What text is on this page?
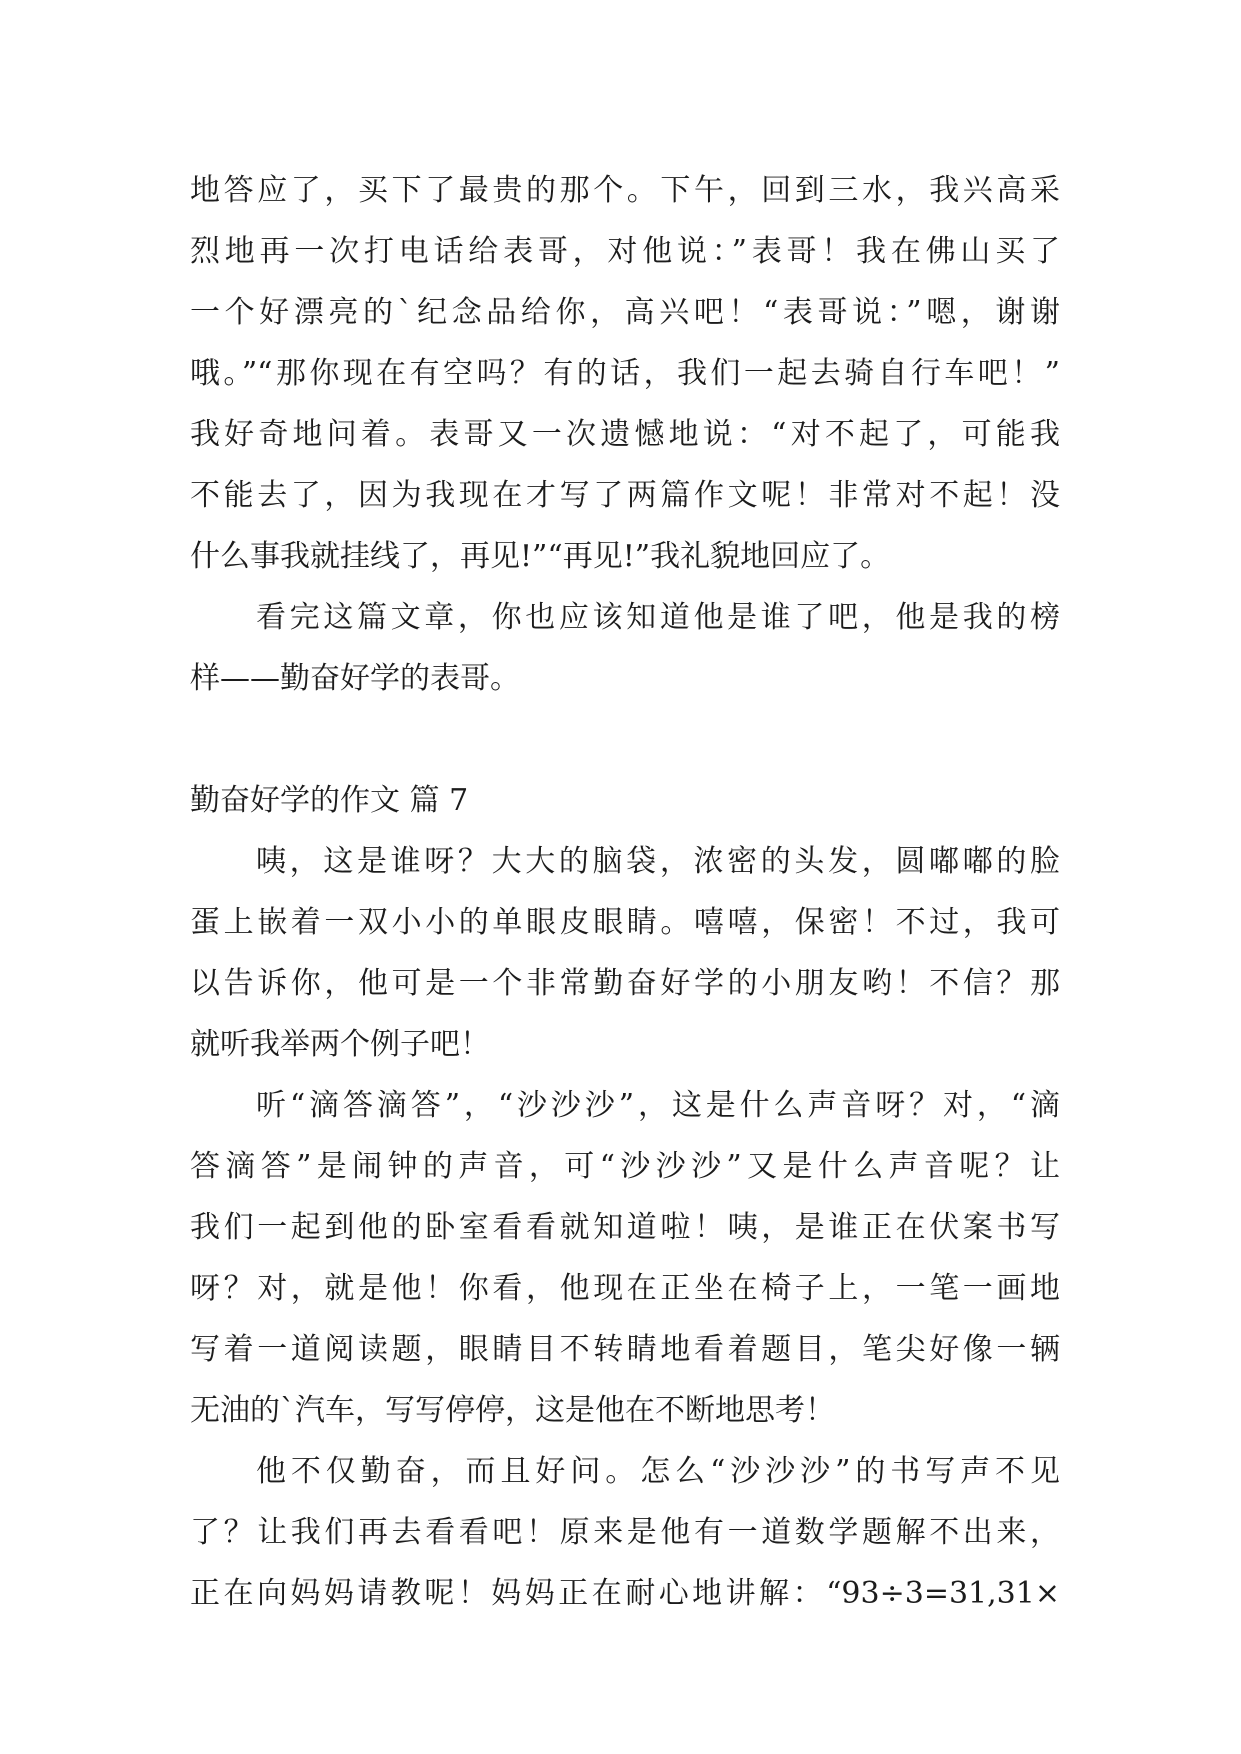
地答应了，买下了最贵的那个。下午，回到三水，我兴高采
烈地再一次打电话给表哥，对他说：”表哥！我在佛山买了
一个好漂亮的`纪念品给你，高兴吧！“表哥说：”嗯，谢谢
哦。”“那你现在有空吗？有的话，我们一起去骑自行车吧！”
我好奇地问着。表哥又一次遗憾地说：“对不起了，可能我
不能去了，因为我现在才写了两篇作文呢！非常对不起！没
什么事我就挂线了，再见!”“再见!”我礼貌地回应了。
看完这篇文章，你也应该知道他是谁了吧，他是我的榜
样——勤奋好学的表哥。
勤奋好学的作文 篇 7
咦，这是谁呀？大大的脑袋，浓密的头发，圆嘟嘟的脸
蛋上嵌着一双小小的单眼皮眼睛。嘻嘻，保密！不过，我可
以告诉你，他可是一个非常勤奋好学的小朋友哟！不信？那
就听我举两个例子吧！
听“滴答滴答”，“沙沙沙”，这是什么声音呀？对，“滴
答滴答”是闹钟的声音，可“沙沙沙”又是什么声音呢？让
我们一起到他的卧室看看就知道啦！咦，是谁正在伏案书写
呀？对，就是他！你看，他现在正坐在椅子上，一笔一画地
写着一道阅读题，眼睛目不转睛地看着题目，笔尖好像一辆
无油的`汽车，写写停停，这是他在不断地思考！
他不仅勤奋，而且好问。怎么“沙沙沙”的书写声不见
了？让我们再去看看吧！原来是他有一道数学题解不出来，
正在向妈妈请教呢！妈妈正在耐心地讲解：“93÷3=31,31×
